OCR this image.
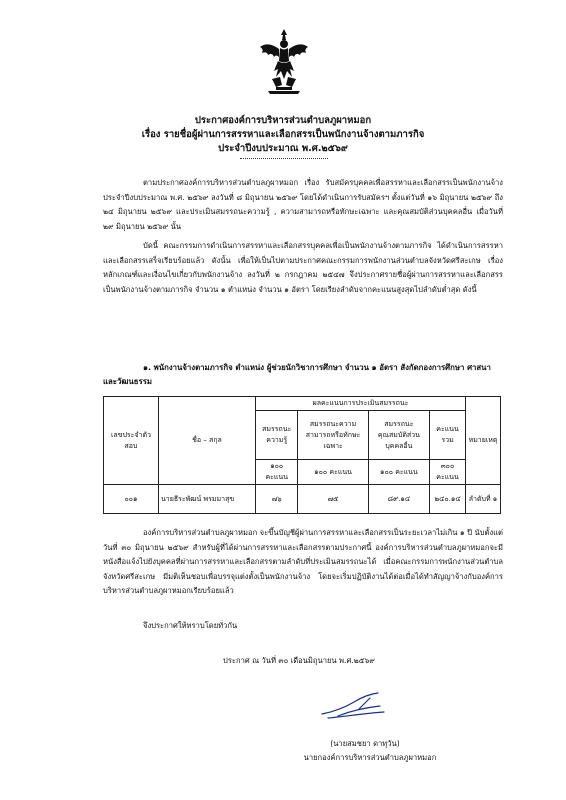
ประกาศองค์การบริหารส่วนตำบลภูผาหมอก
เรื่อง รายชื่อผู้ผ่านการสรรหาและเลือกสรรเป็นพนักงานจ้างตามภารกิจ
ประจำปีงบประมาณ พ.ศ.๒๕๖๙
ตามประกาศองค์การบริหารส่วนตำบลภูผาหมอก เรื่อง รับสมัครบุคคลเพื่อสรรหาและเลือกสรรเป็นพนักงานจ้าง ประจำปีงบประมาณ พ.ศ. ๒๕๖๙ ลงวันที่ ๘ มิถุนายน ๒๕๖๙ โดยได้ดำเนินการรับสมัครฯ ตั้งแต่วันที่ ๑๖ มิถุนายน ๒๕๖๙ ถึง ๒๔ มิถุนายน ๒๕๖๙ และประเมินสมรรถนะความรู้ , ความสามารถหรือทักษะเฉพาะ และคุณสมบัติส่วนบุคคลอื่น เมื่อวันที่ ๒๙ มิถุนายน ๒๕๖๙ นั้น
บัดนี้ คณะกรรมการดำเนินการสรรหาและเลือกสรรบุคคลเพื่อเป็นพนักงานจ้างตามภารกิจ ได้ดำเนินการสรรหาและเลือกสรรเสร็จเรียบร้อยแล้ว ดังนั้น เพื่อให้เป็นไปตามประกาศคณะกรรมการพนักงานส่วนตำบลจังหวัดศรีสะเกษ เรื่อง หลักเกณฑ์และเงื่อนไขเกี่ยวกับพนักงานจ้าง ลงวันที่ ๒ กรกฎาคม ๒๕๔๗ จึงประกาศรายชื่อผู้ผ่านการสรรหาและเลือกสรรเป็นพนักงานจ้างตามภารกิจ จำนวน ๑ ตำแหน่ง จำนวน ๑ อัตรา โดยเรียงลำดับจากคะแนนสูงสุดไปลำดับต่ำสุด ดังนี้
๑. พนักงานจ้างตามภารกิจ ตำแหน่ง ผู้ช่วยนักวิชาการศึกษา จำนวน ๑ อัตรา สังกัดกองการศึกษา ศาสนาและวัฒนธรรม
เลขประจำตัวสอบ	ชื่อ – สกุล	ผลคะแนนการประเมินสมรรถนะ				หมายเหตุ
		สมรรถนะความรู้	สมรรถนะความสามารถหรือทักษะเฉพาะ	สมรรถนะคุณสมบัติส่วนบุคคลอื่น	คะแนนรวม	
		๑๐๐ คะแนน	๑๐๐ คะแนน	๑๐๐ คะแนน	๓๐๐ คะแนน	
๐๐๑	นายธีระพัฒน์ พรมมาสุข	๗๖	๗๕	๘๙.๑๔	๒๔๐.๑๔	ลำดับที่ ๑
องค์การบริหารส่วนตำบลภูผาหมอก จะขึ้นบัญชีผู้ผ่านการสรรหาและเลือกสรรเป็นระยะเวลาไม่เกิน ๑ ปี นับตั้งแต่ วันที่ ๓๐ มิถุนายน ๒๕๖๙ สำหรับผู้ที่ได้ผ่านการสรรหาและเลือกสรรตามประกาศนี้ องค์การบริหารส่วนตำบลภูผาหมอกจะมีหนังสือแจ้งไปยังบุคคลที่ผ่านการสรรหาและเลือกสรรตามลำดับที่ประเมินสมรรถนะได้ เมื่อคณะกรรมการพนักงานส่วนตำบลจังหวัดศรีสะเกษ มีมติเห็นชอบเพื่อบรรจุแต่งตั้งเป็นพนักงานจ้าง โดยจะเริ่มปฏิบัติงานได้ต่อเมื่อได้ทำสัญญาจ้างกับองค์การบริหารส่วนตำบลภูผาหมอกเรียบร้อยแล้ว
จึงประกาศให้ทราบโดยทั่วกัน
ประกาศ ณ วันที่ ๓๐ เดือนมิถุนายน พ.ศ.๒๕๖๙
(นายสมชยา ดาทุวัน)
นายกองค์การบริหารส่วนตำบลภูผาหมอก
